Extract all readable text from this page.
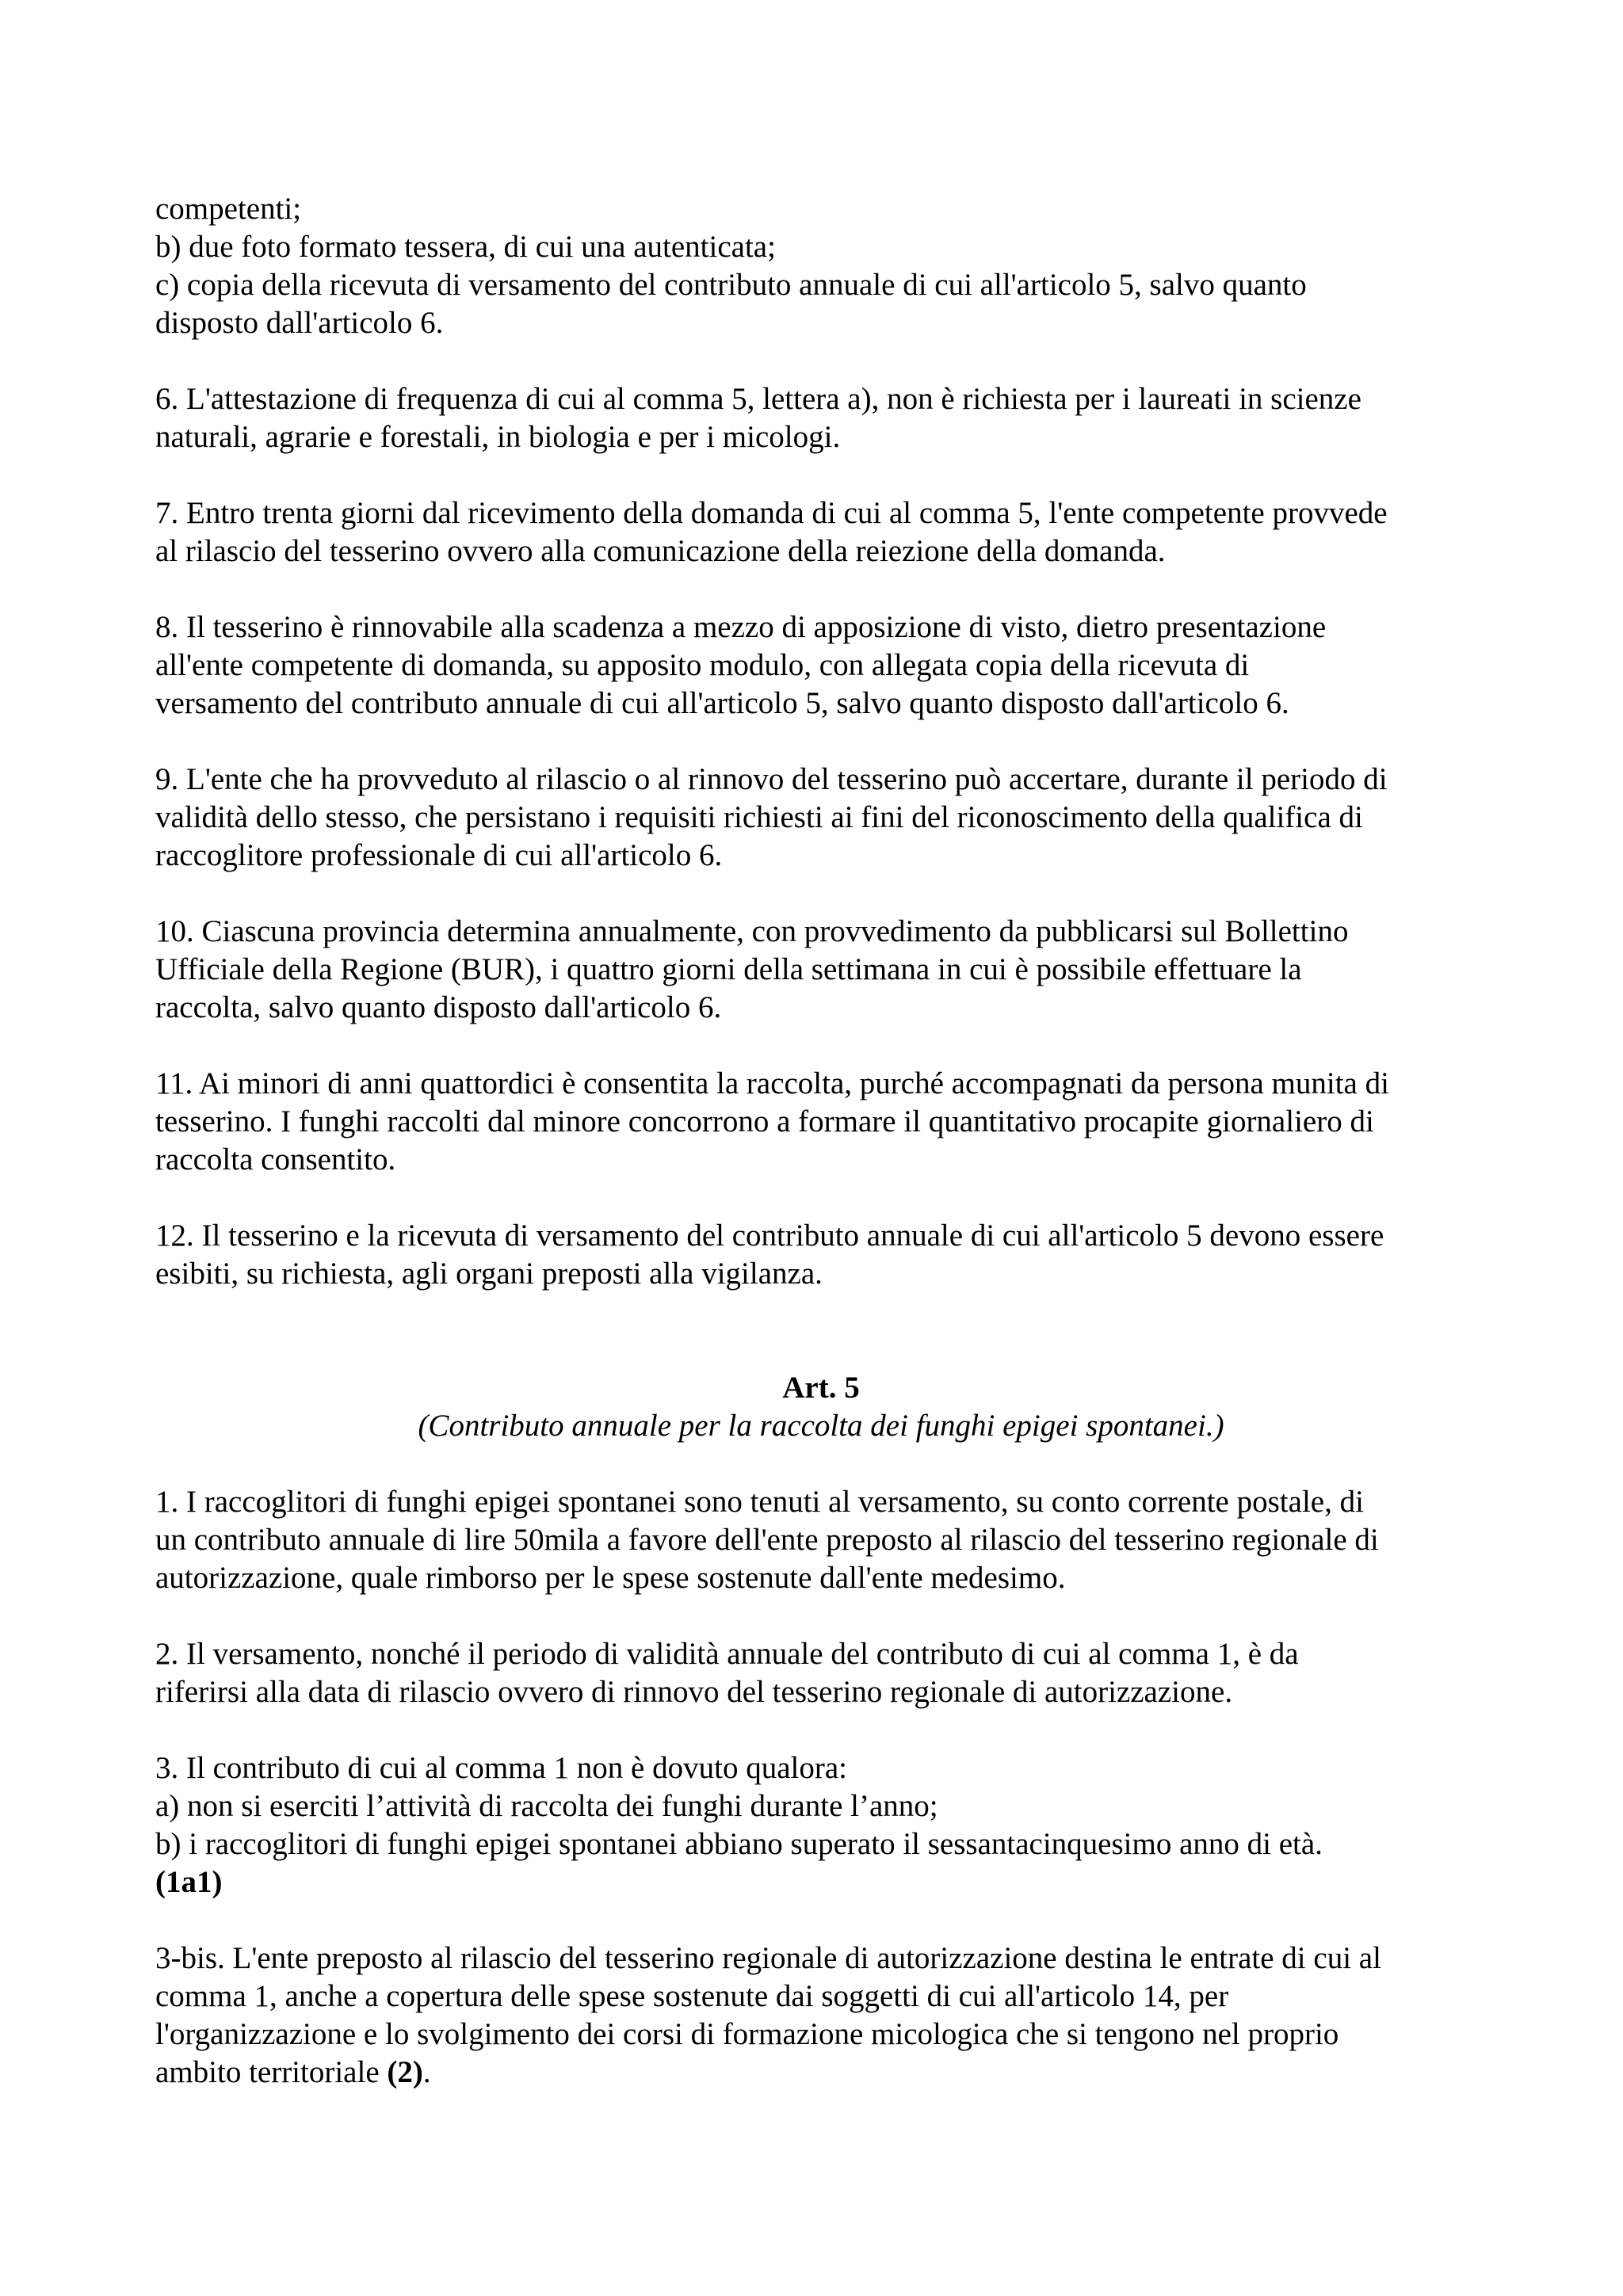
competenti;
b) due foto formato tessera, di cui una autenticata;
c) copia della ricevuta di versamento del contributo annuale di cui all'articolo 5, salvo quanto
disposto dall'articolo 6.
6. L'attestazione di frequenza di cui al comma 5, lettera a), non è richiesta per i laureati in scienze
naturali, agrarie e forestali, in biologia e per i micologi.
7. Entro trenta giorni dal ricevimento della domanda di cui al comma 5, l'ente competente provvede
al rilascio del tesserino ovvero alla comunicazione della reiezione della domanda.
8. Il tesserino è rinnovabile alla scadenza a mezzo di apposizione di visto, dietro presentazione
all'ente competente di domanda, su apposito modulo, con allegata copia della ricevuta di
versamento del contributo annuale di cui all'articolo 5, salvo quanto disposto dall'articolo 6.
9. L'ente che ha provveduto al rilascio o al rinnovo del tesserino può accertare, durante il periodo di
validità dello stesso, che persistano i requisiti richiesti ai fini del riconoscimento della qualifica di
raccoglitore professionale di cui all'articolo 6.
10. Ciascuna provincia determina annualmente, con provvedimento da pubblicarsi sul Bollettino
Ufficiale della Regione (BUR), i quattro giorni della settimana in cui è possibile effettuare la
raccolta, salvo quanto disposto dall'articolo 6.
11. Ai minori di anni quattordici è consentita la raccolta, purché accompagnati da persona munita di
tesserino. I funghi raccolti dal minore concorrono a formare il quantitativo procapite giornaliero di
raccolta consentito.
12. Il tesserino e la ricevuta di versamento del contributo annuale di cui all'articolo 5 devono essere
esibiti, su richiesta, agli organi preposti alla vigilanza.
Art. 5
(Contributo annuale per la raccolta dei funghi epigei spontanei.)
1. I raccoglitori di funghi epigei spontanei sono tenuti al versamento, su conto corrente postale, di
un contributo annuale di lire 50mila a favore dell'ente preposto al rilascio del tesserino regionale di
autorizzazione, quale rimborso per le spese sostenute dall'ente medesimo.
2. Il versamento, nonché il periodo di validità annuale del contributo di cui al comma 1, è da
riferirsi alla data di rilascio ovvero di rinnovo del tesserino regionale di autorizzazione.
3. Il contributo di cui al comma 1 non è dovuto qualora:
a) non si eserciti l’attività di raccolta dei funghi durante l’anno;
b) i raccoglitori di funghi epigei spontanei abbiano superato il sessantacinquesimo anno di età.
(1a1)
3-bis. L'ente preposto al rilascio del tesserino regionale di autorizzazione destina le entrate di cui al
comma 1, anche a copertura delle spese sostenute dai soggetti di cui all'articolo 14, per
l'organizzazione e lo svolgimento dei corsi di formazione micologica che si tengono nel proprio
ambito territoriale (2).
